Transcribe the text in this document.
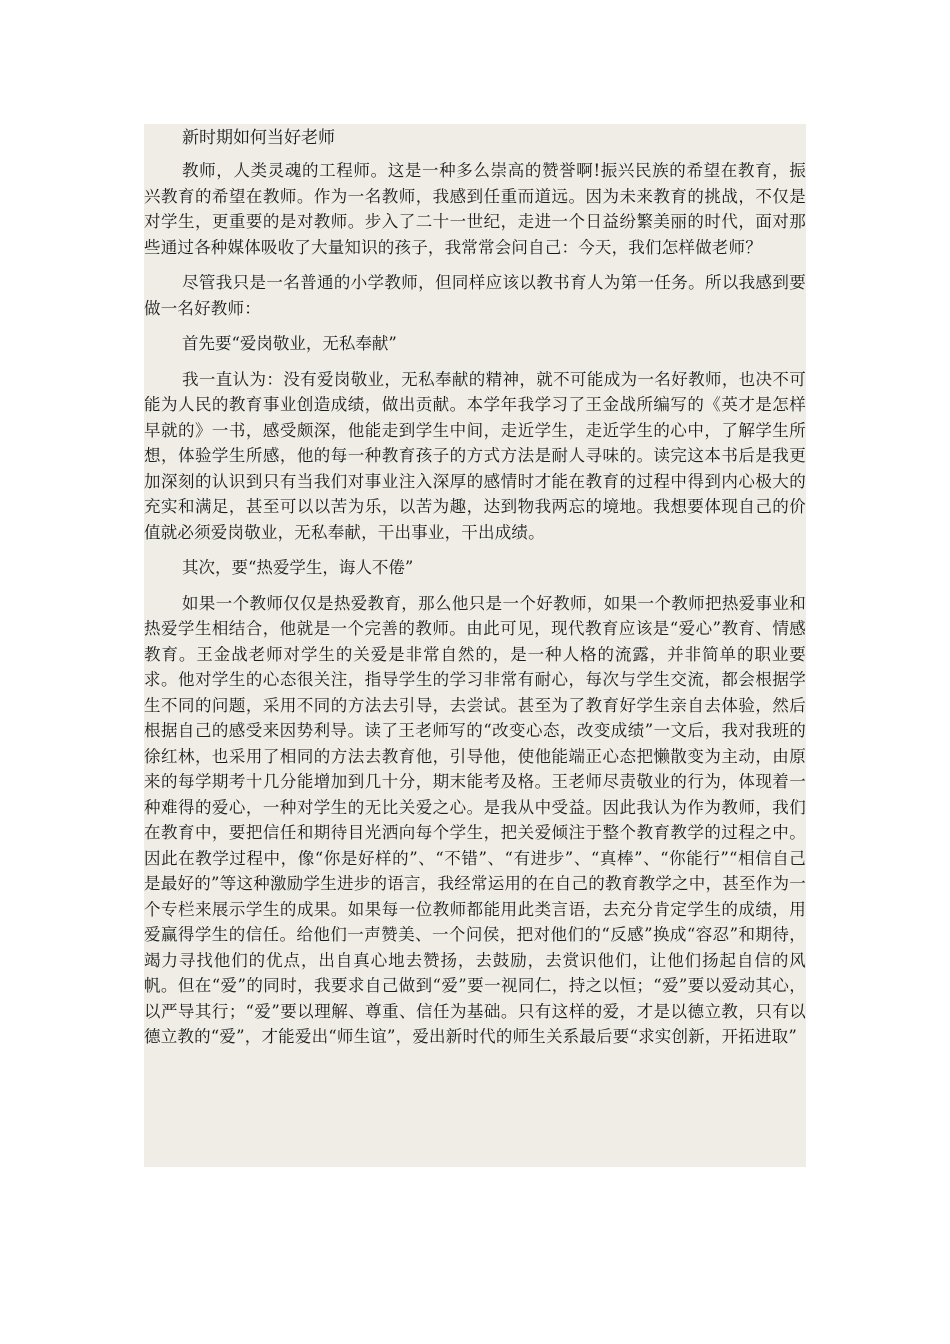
新时期如何当好老师

教师，人类灵魂的工程师。这是一种多么崇高的赞誉啊!振兴民族的希望在教育，振兴教育的希望在教师。作为一名教师，我感到任重而道远。因为未来教育的挑战，不仅是对学生，更重要的是对教师。步入了二十一世纪，走进一个日益纷繁美丽的时代，面对那些通过各种媒体吸收了大量知识的孩子，我常常会问自己：今天，我们怎样做老师？

尽管我只是一名普通的小学教师，但同样应该以教书育人为第一任务。所以我感到要做一名好教师：

首先要“爱岗敬业，无私奉献”

我一直认为：没有爱岗敬业，无私奉献的精神，就不可能成为一名好教师，也决不可能为人民的教育事业创造成绩，做出贡献。本学年我学习了王金战所编写的《英才是怎样早就的》一书，感受颇深，他能走到学生中间，走近学生，走近学生的心中，了解学生所想，体验学生所感，他的每一种教育孩子的方式方法是耐人寻味的。读完这本书后是我更加深刻的认识到只有当我们对事业注入深厚的感情时才能在教育的过程中得到内心极大的充实和满足，甚至可以以苦为乐，以苦为趣，达到物我两忘的境地。我想要体现自己的价值就必须爱岗敬业，无私奉献，干出事业，干出成绩。

其次，要“热爱学生，诲人不倦”

如果一个教师仅仅是热爱教育，那么他只是一个好教师，如果一个教师把热爱事业和热爱学生相结合，他就是一个完善的教师。由此可见，现代教育应该是“爱心”教育、情感教育。王金战老师对学生的关爱是非常自然的，是一种人格的流露，并非简单的职业要求。他对学生的心态很关注，指导学生的学习非常有耐心，每次与学生交流，都会根据学生不同的问题，采用不同的方法去引导，去尝试。甚至为了教育好学生亲自去体验，然后根据自己的感受来因势利导。读了王老师写的“改变心态，改变成绩”一文后，我对我班的徐红林，也采用了相同的方法去教育他，引导他，使他能端正心态把懒散变为主动，由原来的每学期考十几分能增加到几十分，期末能考及格。王老师尽责敬业的行为，体现着一种难得的爱心，一种对学生的无比关爱之心。是我从中受益。因此我认为作为教师，我们在教育中，要把信任和期待目光洒向每个学生，把关爱倾注于整个教育教学的过程之中。因此在教学过程中，像“你是好样的”、“不错”、“有进步”、“真棒”、“你能行”“相信自己是最好的”等这种激励学生进步的语言，我经常运用的在自己的教育教学之中，甚至作为一个专栏来展示学生的成果。如果每一位教师都能用此类言语，去充分肯定学生的成绩，用爱赢得学生的信任。给他们一声赞美、一个问侯，把对他们的“反感”换成“容忍”和期待，竭力寻找他们的优点，出自真心地去赞扬，去鼓励，去赏识他们，让他们扬起自信的风帆。但在“爱”的同时，我要求自己做到“爱”要一视同仁，持之以恒；“爱”要以爱动其心，以严导其行；“爱”要以理解、尊重、信任为基础。只有这样的爱，才是以德立教，只有以德立教的“爱”，才能爱出“师生谊”，爱出新时代的师生关系最后要“求实创新，开拓进取”
